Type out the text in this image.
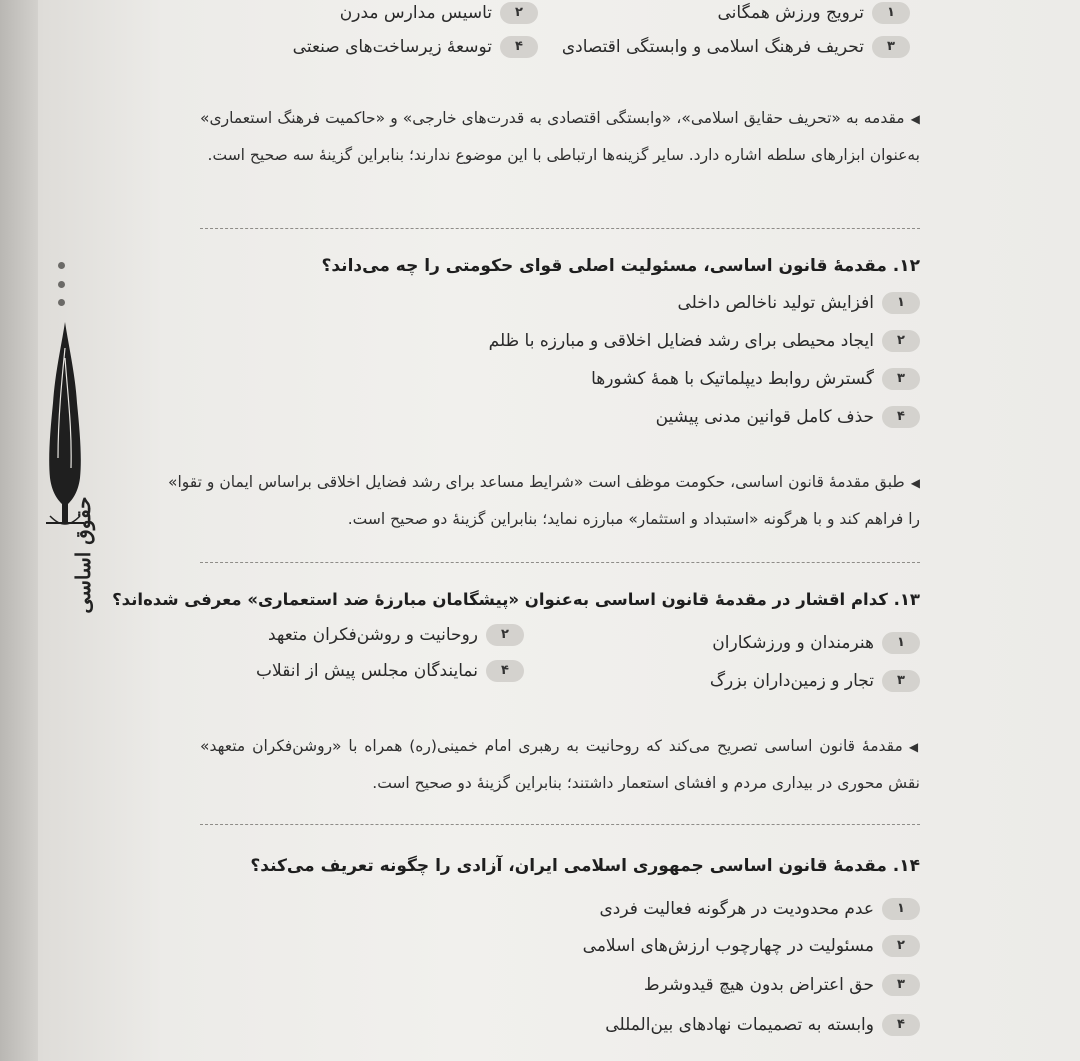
۱
ترویج ورزش همگانی
۲
تاسیس مدارس مدرن
۳
تحریف فرهنگ اسلامی و وابستگی اقتصادی
۴
توسعهٔ زیرساخت‌های صنعتی
◀مقدمه به «تحریف حقایق اسلامی»، «وابستگی اقتصادی به قدرت‌های خارجی» و «حاکمیت فرهنگ استعماری» به‌عنوان ابزارهای سلطه اشاره دارد. سایر گزینه‌ها ارتباطی با این موضوع ندارند؛ بنابراین گزینهٔ سه صحیح است.
۱۲. مقدمهٔ قانون اساسی، مسئولیت اصلی قوای حکومتی را چه می‌داند؟
۱
افزایش تولید ناخالص داخلی
۲
ایجاد محیطی برای رشد فضایل اخلاقی و مبارزه با ظلم
۳
گسترش روابط دیپلماتیک با همهٔ کشورها
۴
حذف کامل قوانین مدنی پیشین
◀طبق مقدمهٔ قانون اساسی، حکومت موظف است «شرایط مساعد برای رشد فضایل اخلاقی براساس ایمان و تقوا» را فراهم کند و با هرگونه «استبداد و استثمار» مبارزه نماید؛ بنابراین گزینهٔ دو صحیح است.
۱۳. کدام اقشار در مقدمهٔ قانون اساسی به‌عنوان «پیشگامان مبارزهٔ ضد استعماری» معرفی شده‌اند؟
۱
هنرمندان و ورزشکاران
۲
روحانیت و روشن‌فکران متعهد
۳
تجار و زمین‌داران بزرگ
۴
نمایندگان مجلس پیش از انقلاب
◀مقدمهٔ قانون اساسی تصریح می‌کند که روحانیت به رهبری امام خمینی(ره) همراه با «روشن‌فکران متعهد» نقش محوری در بیداری مردم و افشای استعمار داشتند؛ بنابراین گزینهٔ دو صحیح است.
۱۴. مقدمهٔ قانون اساسی جمهوری اسلامی ایران، آزادی را چگونه تعریف می‌کند؟
۱
عدم محدودیت در هرگونه فعالیت فردی
۲
مسئولیت در چهارچوب ارزش‌های اسلامی
۳
حق اعتراض بدون هیچ قیدوشرط
۴
وابسته به تصمیمات نهادهای بین‌المللی
حقوق اساسی
